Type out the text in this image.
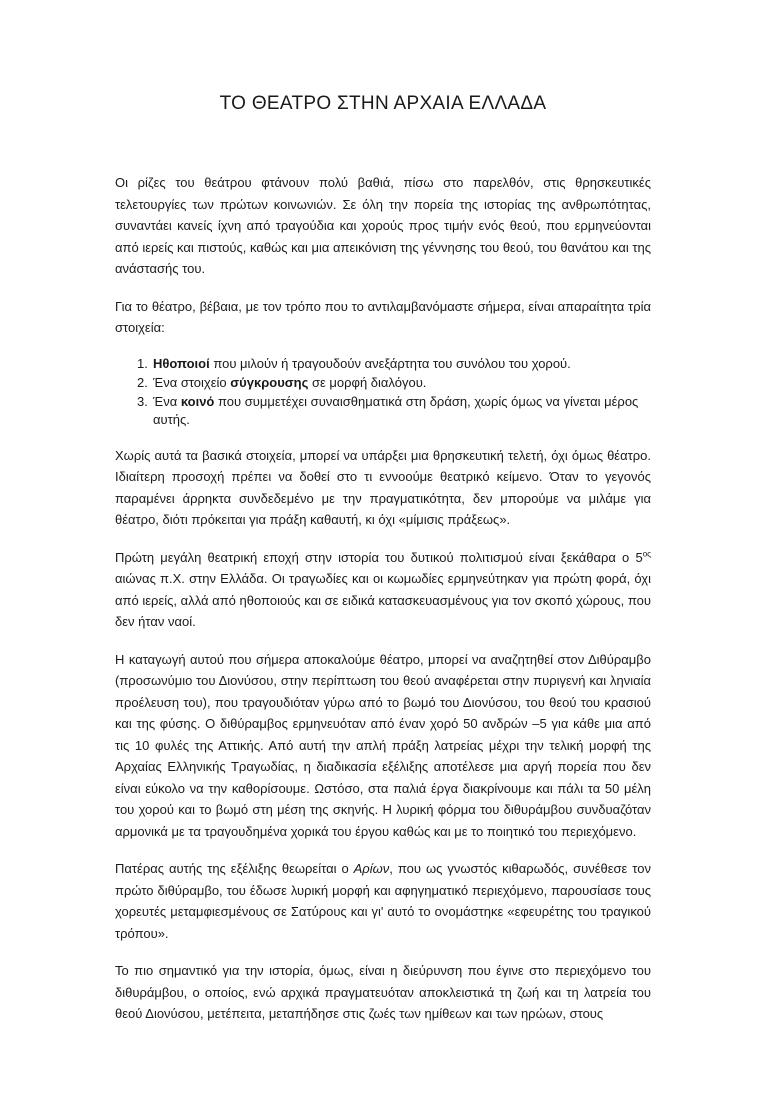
ΤΟ ΘΕΑΤΡΟ ΣΤΗΝ ΑΡΧΑΙΑ ΕΛΛΑΔΑ

Οι ρίζες του θεάτρου φτάνουν πολύ βαθιά, πίσω στο παρελθόν, στις θρησκευτικές τελετουργίες των πρώτων κοινωνιών. Σε όλη την πορεία της ιστορίας της ανθρωπότητας, συναντάει κανείς ίχνη από τραγούδια και χορούς προς τιμήν ενός θεού, που ερμηνεύονται από ιερείς και πιστούς, καθώς και μια απεικόνιση της γέννησης του θεού, του θανάτου και της ανάστασής του.

Για το θέατρο, βέβαια, με τον τρόπο που το αντιλαμβανόμαστε σήμερα, είναι απαραίτητα τρία στοιχεία:

1. Ηθοποιοί που μιλούν ή τραγουδούν ανεξάρτητα του συνόλου του χορού.
2. Ένα στοιχείο σύγκρουσης σε μορφή διαλόγου.
3. Ένα κοινό που συμμετέχει συναισθηματικά στη δράση, χωρίς όμως να γίνεται μέρος αυτής.

Χωρίς αυτά τα βασικά στοιχεία, μπορεί να υπάρξει μια θρησκευτική τελετή, όχι όμως θέατρο. Ιδιαίτερη προσοχή πρέπει να δοθεί στο τι εννοούμε θεατρικό κείμενο. Όταν το γεγονός παραμένει άρρηκτα συνδεδεμένο με την πραγματικότητα, δεν μπορούμε να μιλάμε για θέατρο, διότι πρόκειται για πράξη καθαυτή, κι όχι «μίμισις πράξεως».

Πρώτη μεγάλη θεατρική εποχή στην ιστορία του δυτικού πολιτισμού είναι ξεκάθαρα ο $5^{o\varsigma}$ αιώνας π.Χ. στην Ελλάδα. Οι τραγωδίες και οι κωμωδίες ερμηνεύτηκαν για πρώτη φορά, όχι από ιερείς, αλλά από ηθοποιούς και σε ειδικά κατασκευασμένους για τον σκοπό χώρους, που δεν ήταν ναοί.

Η καταγωγή αυτού που σήμερα αποκαλούμε θέατρο, μπορεί να αναζητηθεί στον Διθύραμβο (προσωνύμιο του Διονύσου, στην περίπτωση του θεού αναφέρεται στην πυριγενή και ληνιαία προέλευση του), που τραγουδιόταν γύρω από το βωμό του Διονύσου, του θεού του κρασιού και της φύσης. Ο διθύραμβος ερμηνευόταν από έναν χορό 50 ανδρών –5 για κάθε μια από τις 10 φυλές της Αττικής. Από αυτή την απλή πράξη λατρείας μέχρι την τελική μορφή της Αρχαίας Ελληνικής Τραγωδίας, η διαδικασία εξέλιξης αποτέλεσε μια αργή πορεία που δεν είναι εύκολο να την καθορίσουμε. Ωστόσο, στα παλιά έργα διακρίνουμε και πάλι τα 50 μέλη του χορού και το βωμό στη μέση της σκηνής. Η λυρική φόρμα του διθυράμβου συνδυαζόταν αρμονικά με τα τραγουδημένα χορικά του έργου καθώς και με το ποιητικό του περιεχόμενο.

Πατέρας αυτής της εξέλιξης θεωρείται ο Αρίων, που ως γνωστός κιθαρωδός, συνέθεσε τον πρώτο διθύραμβο, του έδωσε λυρική μορφή και αφηγηματικό περιεχόμενο, παρουσίασε τους χορευτές μεταμφιεσμένους σε Σατύρους και γι' αυτό το ονομάστηκε «εφευρέτης του τραγικού τρόπου».

Το πιο σημαντικό για την ιστορία, όμως, είναι η διεύρυνση που έγινε στο περιεχόμενο του διθυράμβου, ο οποίος, ενώ αρχικά πραγματευόταν αποκλειστικά τη ζωή και τη λατρεία του θεού Διονύσου, μετέπειτα, μεταπήδησε στις ζωές των ημίθεων και των ηρώων, στους
